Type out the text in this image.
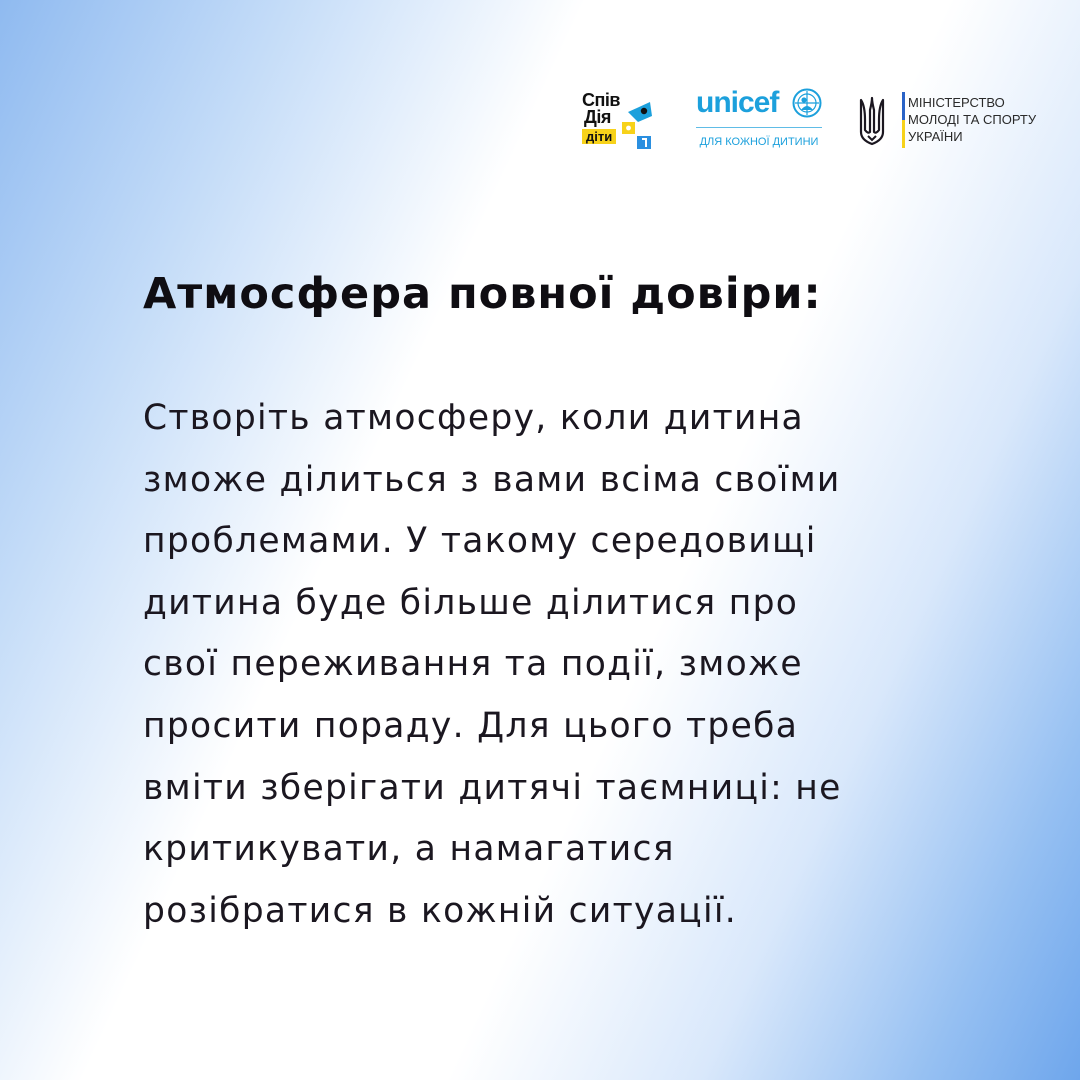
Спів
Дія
діти
unicef
ДЛЯ КОЖНОЇ ДИТИНИ
МІНІСТЕРСТВО
МОЛОДІ ТА СПОРТУ
УКРАЇНИ
Атмосфера повної довіри:
Створіть атмосферу, коли дитина
зможе ділиться з вами всіма своїми
проблемами. У такому середовищі
дитина буде більше ділитися про
свої переживання та події, зможе
просити пораду. Для цього треба
вміти зберігати дитячі таємниці: не
критикувати, а намагатися
розібратися в кожній ситуації.
